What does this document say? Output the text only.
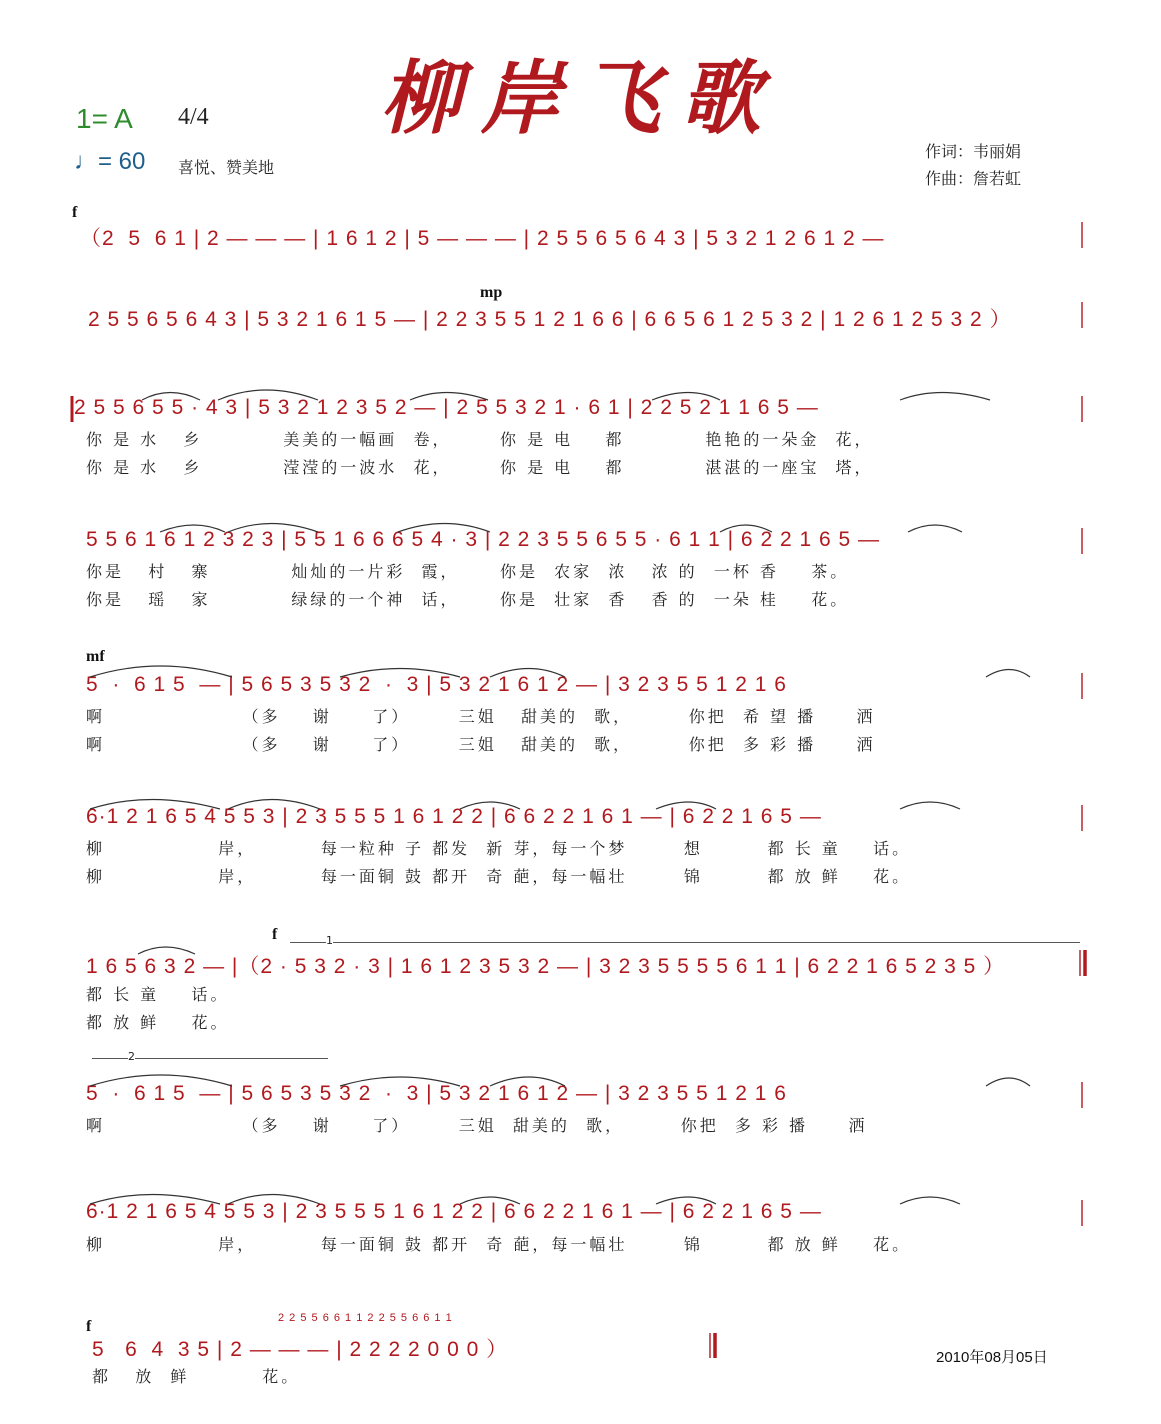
柳岸飞歌
1= A 4/4
♩= 60 喜悦、赞美地
作词：韦丽娟
作曲：詹若虹
f
（2  5  6 1 | 2 — — — | 1 6 1 2 | 5 — — — | 2 5 5 6 5 6 4 3 | 5 3 2 1 2 6 1 2 —
mp
2 5 5 6 5 6 4 3 | 5 3 2 1 6 1 5 — | 2 2 3 5 5 1 2 1 6 6 | 6 6 5 6 1 2 5 3 2 | 1 2 6 1 2 5 3 2 ）
2 5 5 6 5 5 · 4 3 | 5 3 2 1 2 3 5 2 — | 2 5 5 3 2 1 · 6 1 | 2 2 5 2 1 1 6 5 —
你 是 水   乡          美美的一幅画  卷，      你 是 电    都          艳艳的一朵金  花，
你 是 水   乡          滢滢的一波水  花，      你 是 电    都          湛湛的一座宝  塔，
5 5 6 1 6 1 2 3 2 3 | 5 5 1 6 6 6 5 4 · 3 | 2 2 3 5 5 6 5 5 · 6 1 1 | 6 2 2 1 6 5 —
你是   村   寨          灿灿的一片彩  霞，     你是  农家  浓   浓 的  一杯 香    茶。
你是   瑶   家          绿绿的一个神  话，     你是  壮家  香   香 的  一朵 桂    花。
mf
5  ·  6 1 5  — | 5 6 5 3 5 3 2  ·  3 | 5 3 2 1 6 1 2 — | 3 2 3 5 5 1 2 1 6
啊                 （多    谢     了）      三姐   甜美的  歌，       你把  希 望 播     洒
啊                 （多    谢     了）      三姐   甜美的  歌，       你把  多 彩 播     洒
6·1 2 1 6 5 4 5 5 3 | 2 3 5 5 5 1 6 1 2 2 | 6 6 2 2 1 6 1 — | 6 2 2 1 6 5 —
柳              岸，        每一粒种 子 都发  新 芽，每一个梦       想        都 长 童    话。
柳              岸，        每一面铜 鼓 都开  奇 葩，每一幅壮       锦        都 放 鲜    花。
f	1
1 6 5 6 3 2 — |（2 · 5 3 2 · 3 | 1 6 1 2 3 5 3 2 — | 3 2 3 5 5 5 5 6 1 1 | 6 2 2 1 6 5 2 3 5 ）
都 长 童    话。
都 放 鲜    花。
2
5  ·  6 1 5  — | 5 6 5 3 5 3 2  ·  3 | 5 3 2 1 6 1 2 — | 3 2 3 5 5 1 2 1 6
啊                 （多    谢     了）      三姐  甜美的  歌，       你把  多 彩 播     洒
6·1 2 1 6 5 4 5 5 3 | 2 3 5 5 5 1 6 1 2 2 | 6 6 2 2 1 6 1 — | 6 2 2 1 6 5 —
柳              岸，        每一面铜 鼓 都开  奇 葩，每一幅壮       锦        都 放 鲜    花。
f	2 2 5 5 6 6 1 1 2 2 5 5 6 6 1 1
5   6  4  3 5 | 2 — — — | 2 2 2 2 0 0 0 ）
都   放  鲜         花。
2010年08月05日
